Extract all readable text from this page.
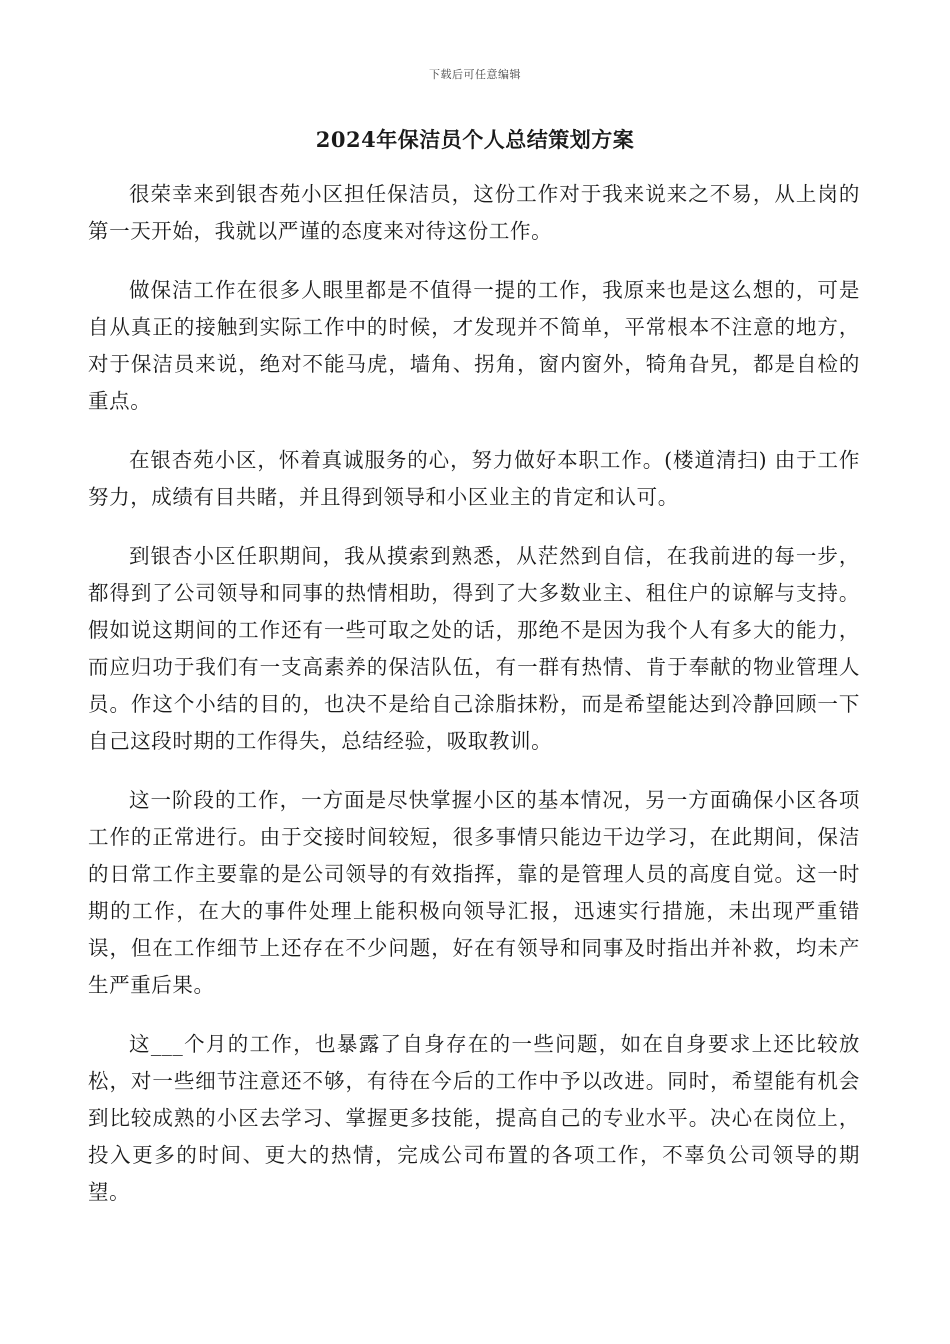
下载后可任意编辑
2024年保洁员个人总结策划方案

很荣幸来到银杏苑小区担任保洁员，这份工作对于我来说来之不易，从上岗的第一天开始，我就以严谨的态度来对待这份工作。

做保洁工作在很多人眼里都是不值得一提的工作，我原来也是这么想的，可是自从真正的接触到实际工作中的时候，才发现并不简单，平常根本不注意的地方，对于保洁员来说，绝对不能马虎，墙角、拐角，窗内窗外，犄角旮旯，都是自检的重点。

在银杏苑小区，怀着真诚服务的心，努力做好本职工作。(楼道清扫) 由于工作努力，成绩有目共睹，并且得到领导和小区业主的肯定和认可。

到银杏小区任职期间，我从摸索到熟悉，从茫然到自信，在我前进的每一步，都得到了公司领导和同事的热情相助，得到了大多数业主、租住户的谅解与支持。假如说这期间的工作还有一些可取之处的话，那绝不是因为我个人有多大的能力，而应归功于我们有一支高素养的保洁队伍，有一群有热情、肯于奉献的物业管理人员。作这个小结的目的，也决不是给自己涂脂抹粉，而是希望能达到冷静回顾一下自己这段时期的工作得失，总结经验，吸取教训。

这一阶段的工作，一方面是尽快掌握小区的基本情况，另一方面确保小区各项工作的正常进行。由于交接时间较短，很多事情只能边干边学习，在此期间，保洁的日常工作主要靠的是公司领导的有效指挥，靠的是管理人员的高度自觉。这一时期的工作，在大的事件处理上能积极向领导汇报，迅速实行措施，未出现严重错误，但在工作细节上还存在不少问题，好在有领导和同事及时指出并补救，均未产生严重后果。

这___个月的工作，也暴露了自身存在的一些问题，如在自身要求上还比较放松，对一些细节注意还不够，有待在今后的工作中予以改进。同时，希望能有机会到比较成熟的小区去学习、掌握更多技能，提高自己的专业水平。决心在岗位上，投入更多的时间、更大的热情，完成公司布置的各项工作，不辜负公司领导的期望。
